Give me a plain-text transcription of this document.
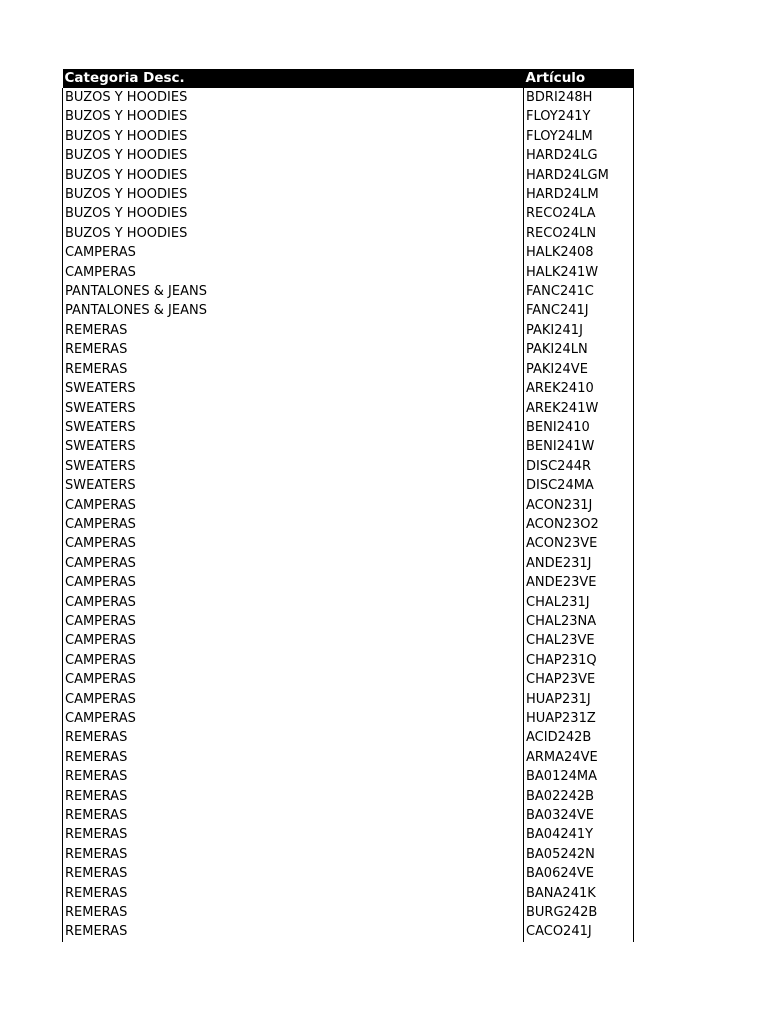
Categoria Desc.	Artículo
BUZOS Y HOODIES	BDRI248H
BUZOS Y HOODIES	FLOY241Y
BUZOS Y HOODIES	FLOY24LM
BUZOS Y HOODIES	HARD24LG
BUZOS Y HOODIES	HARD24LGM
BUZOS Y HOODIES	HARD24LM
BUZOS Y HOODIES	RECO24LA
BUZOS Y HOODIES	RECO24LN
CAMPERAS	HALK2408
CAMPERAS	HALK241W
PANTALONES & JEANS	FANC241C
PANTALONES & JEANS	FANC241J
REMERAS	PAKI241J
REMERAS	PAKI24LN
REMERAS	PAKI24VE
SWEATERS	AREK2410
SWEATERS	AREK241W
SWEATERS	BENI2410
SWEATERS	BENI241W
SWEATERS	DISC244R
SWEATERS	DISC24MA
CAMPERAS	ACON231J
CAMPERAS	ACON23O2
CAMPERAS	ACON23VE
CAMPERAS	ANDE231J
CAMPERAS	ANDE23VE
CAMPERAS	CHAL231J
CAMPERAS	CHAL23NA
CAMPERAS	CHAL23VE
CAMPERAS	CHAP231Q
CAMPERAS	CHAP23VE
CAMPERAS	HUAP231J
CAMPERAS	HUAP231Z
REMERAS	ACID242B
REMERAS	ARMA24VE
REMERAS	BA0124MA
REMERAS	BA02242B
REMERAS	BA0324VE
REMERAS	BA04241Y
REMERAS	BA05242N
REMERAS	BA0624VE
REMERAS	BANA241K
REMERAS	BURG242B
REMERAS	CACO241J
